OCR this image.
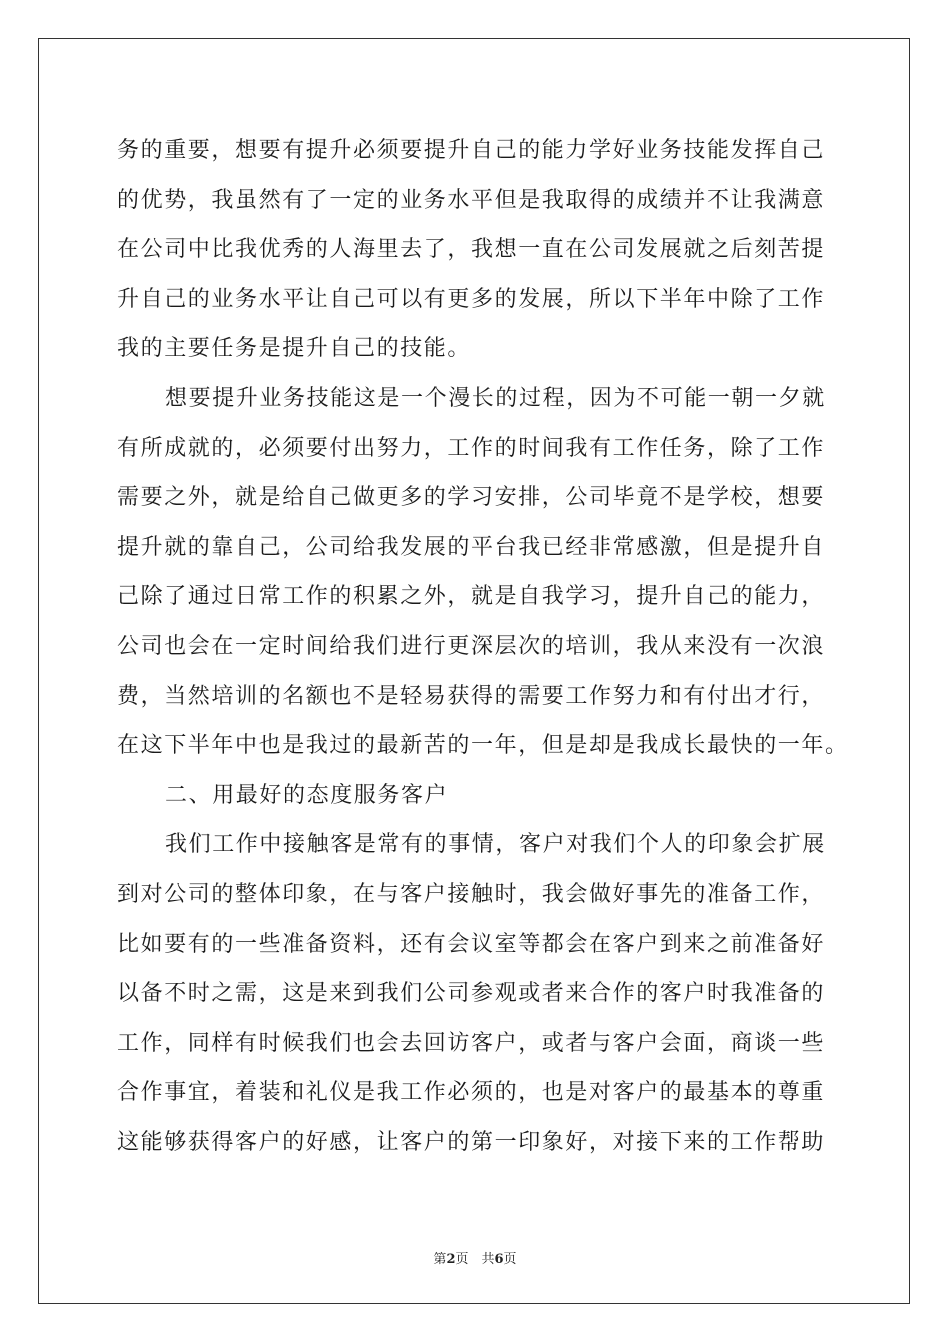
务的重要，想要有提升必须要提升自己的能力学好业务技能发挥自己
的优势，我虽然有了一定的业务水平但是我取得的成绩并不让我满意
在公司中比我优秀的人海里去了，我想一直在公司发展就之后刻苦提
升自己的业务水平让自己可以有更多的发展，所以下半年中除了工作
我的主要任务是提升自己的技能。
想要提升业务技能这是一个漫长的过程，因为不可能一朝一夕就
有所成就的，必须要付出努力，工作的时间我有工作任务，除了工作
需要之外，就是给自己做更多的学习安排，公司毕竟不是学校，想要
提升就的靠自己，公司给我发展的平台我已经非常感激，但是提升自
己除了通过日常工作的积累之外，就是自我学习，提升自己的能力，
公司也会在一定时间给我们进行更深层次的培训，我从来没有一次浪
费，当然培训的名额也不是轻易获得的需要工作努力和有付出才行，
在这下半年中也是我过的最新苦的一年，但是却是我成长最快的一年。
二、用最好的态度服务客户
我们工作中接触客是常有的事情，客户对我们个人的印象会扩展
到对公司的整体印象，在与客户接触时，我会做好事先的准备工作，
比如要有的一些准备资料，还有会议室等都会在客户到来之前准备好
以备不时之需，这是来到我们公司参观或者来合作的客户时我准备的
工作，同样有时候我们也会去回访客户，或者与客户会面，商谈一些
合作事宜，着装和礼仪是我工作必须的，也是对客户的最基本的尊重
这能够获得客户的好感，让客户的第一印象好，对接下来的工作帮助
第2页　共6页
